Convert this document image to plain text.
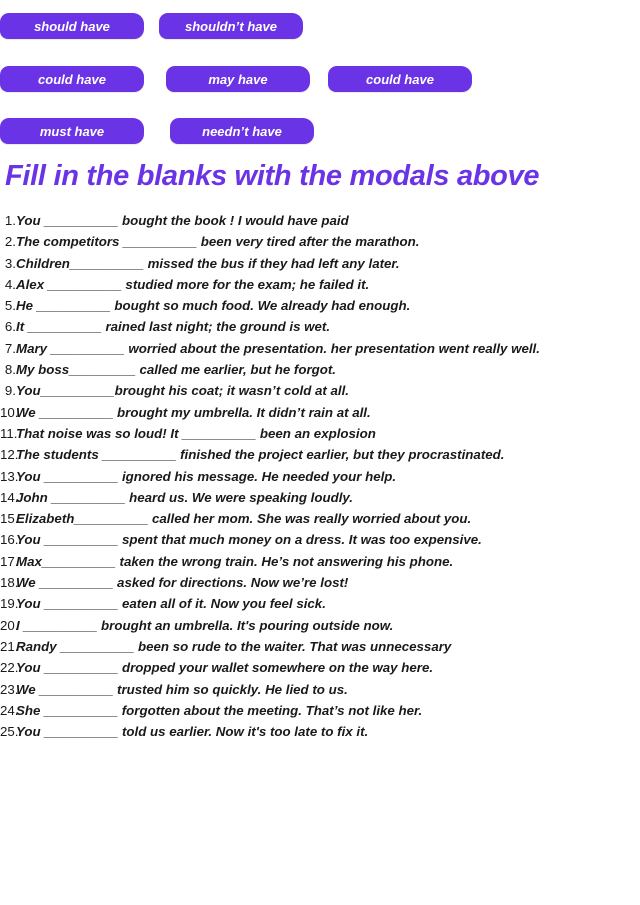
should have	shouldn’t have
could have	may have	could have
must have	needn’t have
Fill in the blanks with the modals above
1.You __________ bought the book ! I would have paid
2.The competitors __________ been very tired after the marathon.
3.Children__________ missed the bus if they had left any later.
4.Alex __________ studied more for the exam; he failed it.
5.He __________ bought so much food. We already had enough.
6.It __________ rained last night; the ground is wet.
7.Mary __________ worried about the presentation. her presentation went really well.
8.My boss_________ called me earlier, but he forgot.
9.You__________brought his coat; it wasn’t cold at all.
10.We __________ brought my umbrella. It didn’t rain at all.
11.That noise was so loud! It __________ been an explosion
12.The students __________ finished the project earlier, but they procrastinated.
13.You __________ ignored his message. He needed your help.
14.John __________ heard us. We were speaking loudly.
15.Elizabeth__________ called her mom. She was really worried about you.
16.You __________ spent that much money on a dress. It was too expensive.
17.Max__________ taken the wrong train. He’s not answering his phone.
18.We __________ asked for directions. Now we’re lost!
19.You __________ eaten all of it. Now you feel sick.
20.I __________ brought an umbrella. It's pouring outside now.
21.Randy __________ been so rude to the waiter. That was unnecessary
22.You __________ dropped your wallet somewhere on the way here.
23.We __________ trusted him so quickly. He lied to us.
24.She __________ forgotten about the meeting. That’s not like her.
25.You __________ told us earlier. Now it's too late to fix it.
